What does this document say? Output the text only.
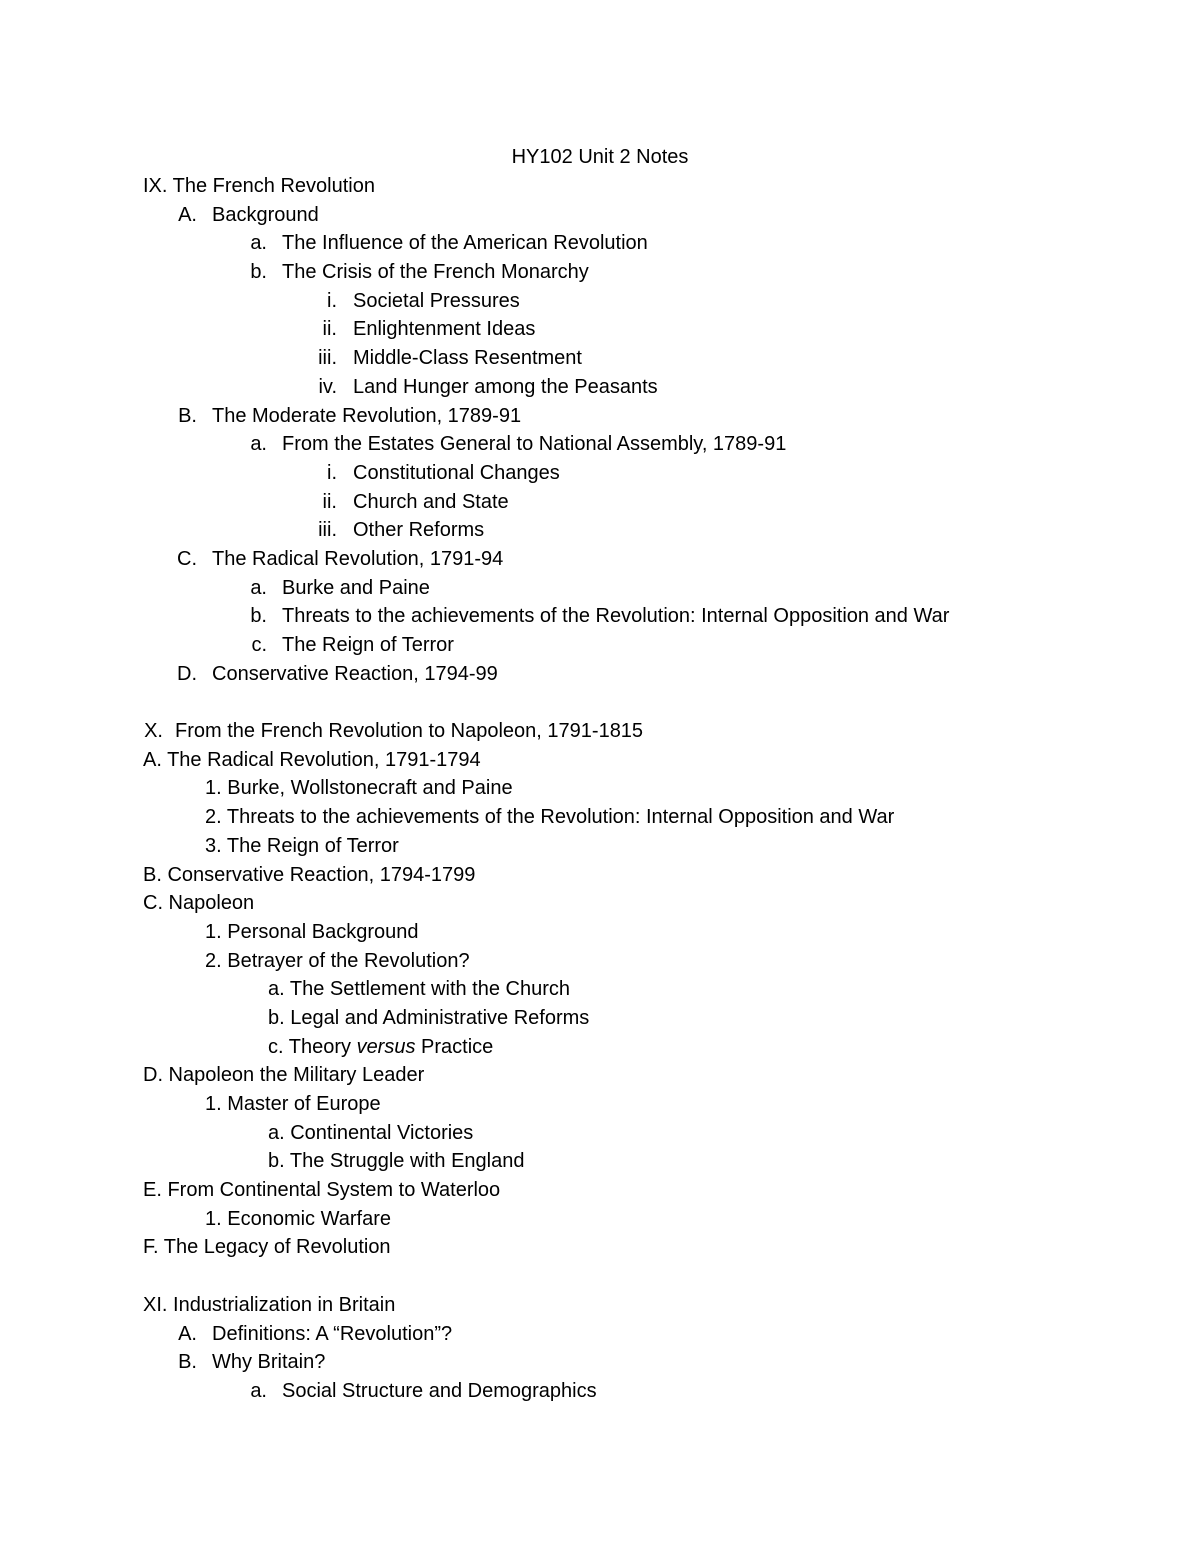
HY102 Unit 2 Notes
IX. The French Revolution
A. Background
a. The Influence of the American Revolution
b. The Crisis of the French Monarchy
i. Societal Pressures
ii. Enlightenment Ideas
iii. Middle-Class Resentment
iv. Land Hunger among the Peasants
B. The Moderate Revolution, 1789-91
a. From the Estates General to National Assembly, 1789-91
i. Constitutional Changes
ii. Church and State
iii. Other Reforms
C. The Radical Revolution, 1791-94
a. Burke and Paine
b. Threats to the achievements of the Revolution: Internal Opposition and War
c. The Reign of Terror
D. Conservative Reaction, 1794-99
X. From the French Revolution to Napoleon, 1791-1815
A. The Radical Revolution, 1791-1794
1. Burke, Wollstonecraft and Paine
2. Threats to the achievements of the Revolution: Internal Opposition and War
3. The Reign of Terror
B. Conservative Reaction, 1794-1799
C. Napoleon
1. Personal Background
2. Betrayer of the Revolution?
a. The Settlement with the Church
b. Legal and Administrative Reforms
c. Theory versus Practice
D. Napoleon the Military Leader
1. Master of Europe
a. Continental Victories
b. The Struggle with England
E. From Continental System to Waterloo
1. Economic Warfare
F. The Legacy of Revolution
XI. Industrialization in Britain
A. Definitions: A “Revolution”?
B. Why Britain?
a. Social Structure and Demographics
